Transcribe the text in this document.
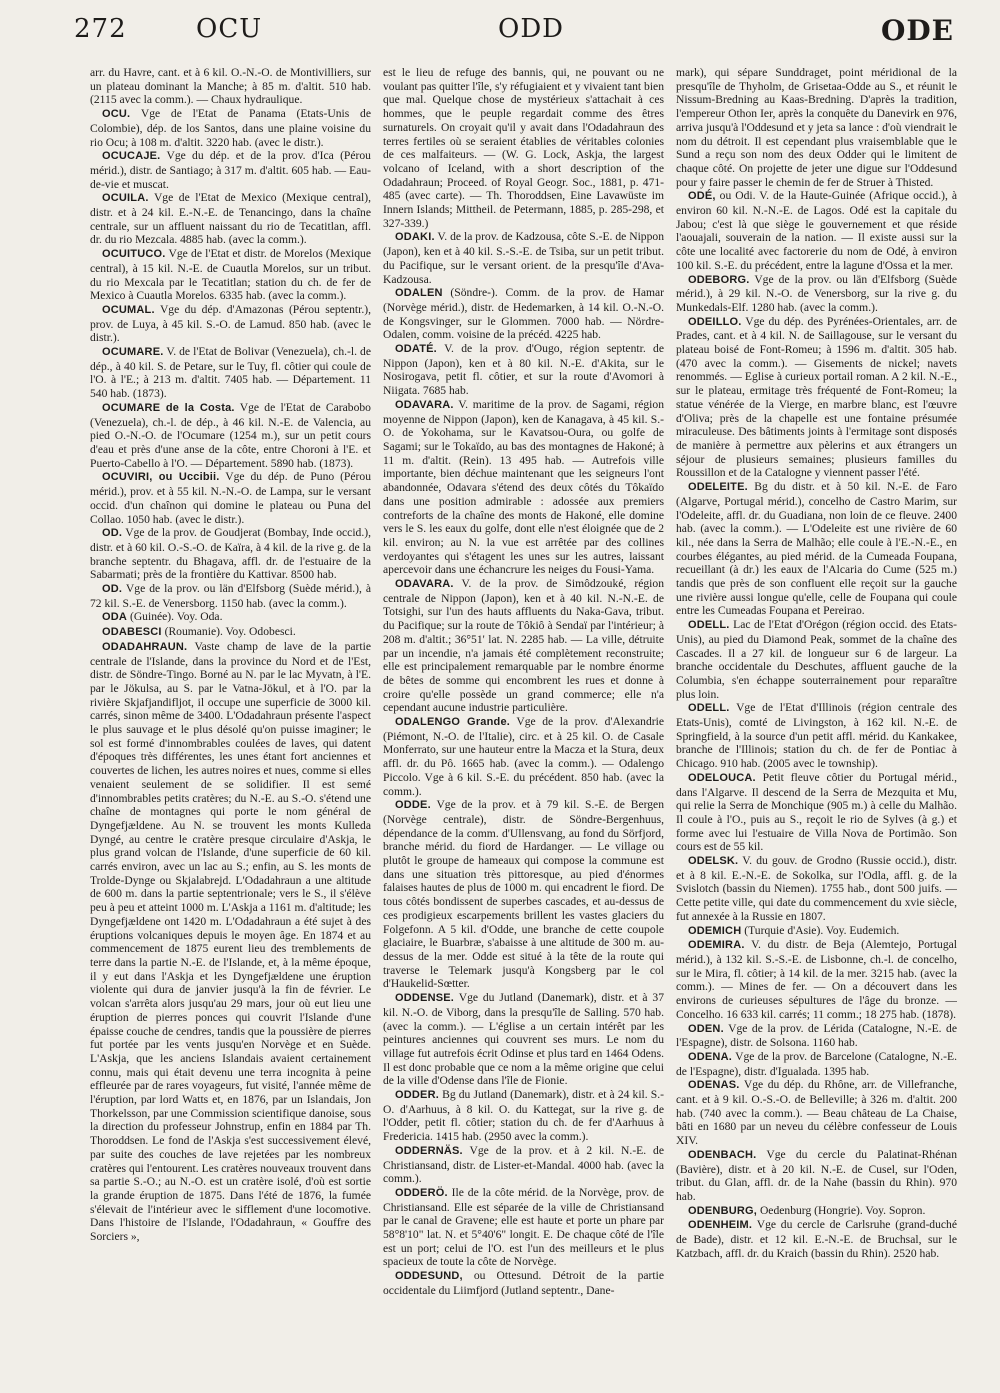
272	OCU	ODD	ODE

arr. du Havre, cant. et à 6 kil. O.-N.-O. de Montivilliers, sur un plateau dominant la Manche; à 85 m. d'altit. 510 hab. (2115 avec la comm.). — Chaux hydraulique.

OCU. Vge de l'Etat de Panama (Etats-Unis de Colombie), dép. de los Santos, dans une plaine voisine du rio Ocu; à 108 m. d'altit. 3220 hab. (avec le distr.).

OCUCAJE. Vge du dép. et de la prov. d'Ica (Pérou mérid.), distr. de Santiago; à 317 m. d'altit. 605 hab. — Eau-de-vie et muscat.

OCUILA. Vge de l'Etat de Mexico (Mexique central), distr. et à 24 kil. E.-N.-E. de Tenancingo, dans la chaîne centrale, sur un affluent naissant du rio de Tecatitlan, affl. dr. du rio Mezcala. 4885 hab. (avec la comm.).

OCUITUCO. Vge de l'Etat et distr. de Morelos (Mexique central), à 15 kil. N.-E. de Cuautla Morelos, sur un tribut. du rio Mexcala par le Tecatitlan; station du ch. de fer de Mexico à Cuautla Morelos. 6335 hab. (avec la comm.).

OCUMAL. Vge du dép. d'Amazonas (Pérou septentr.), prov. de Luya, à 45 kil. S.-O. de Lamud. 850 hab. (avec le distr.).

OCUMARE. V. de l'Etat de Bolivar (Venezuela), ch.-l. de dép., à 40 kil. S. de Petare, sur le Tuy, fl. côtier qui coule de l'O. à l'E.; à 213 m. d'altit. 7405 hab. — Département. 11 540 hab. (1873).

OCUMARE de la Costa. Vge de l'Etat de Carabobo (Venezuela), ch.-l. de dép., à 46 kil. N.-E. de Valencia, au pied O.-N.-O. de l'Ocumare (1254 m.), sur un petit cours d'eau et près d'une anse de la côte, entre Choroni à l'E. et Puerto-Cabello à l'O. — Département. 5890 hab. (1873).

OCUVIRI, ou Uccibii. Vge du dép. de Puno (Pérou mérid.), prov. et à 55 kil. N.-N.-O. de Lampa, sur le versant occid. d'un chaînon qui domine le plateau ou Puna del Collao. 1050 hab. (avec le distr.).

OD. Vge de la prov. de Goudjerat (Bombay, Inde occid.), distr. et à 60 kil. O.-S.-O. de Kaïra, à 4 kil. de la rive g. de la branche septentr. du Bhagava, affl. dr. de l'estuaire de la Sabarmati; près de la frontière du Kattivar. 8500 hab.

OD. Vge de la prov. ou län d'Elfsborg (Suède mérid.), à 72 kil. S.-E. de Venersborg. 1150 hab. (avec la comm.).

ODA (Guinée). Voy. Oda.

ODABESCI (Roumanie). Voy. Odobesci.

ODADAHRAUN. Vaste champ de lave de la partie centrale de l'Islande, dans la province du Nord et de l'Est, distr. de Söndre-Tingo. Borné au N. par le lac Myvatn, à l'E. par le Jökulsa, au S. par le Vatna-Jökul, et à l'O. par la rivière Skjafjandifljot, il occupe une superficie de 3000 kil. carrés, sinon même de 3400. L'Odadahraun présente l'aspect le plus sauvage et le plus désolé qu'on puisse imaginer; le sol est formé d'innombrables coulées de laves, qui datent d'époques très différentes, les unes étant fort anciennes et couvertes de lichen, les autres noires et nues, comme si elles venaient seulement de se solidifier. Il est semé d'innombrables petits cratères; du N.-E. au S.-O. s'étend une chaîne de montagnes qui porte le nom général de Dyngefjældene. Au N. se trouvent les monts Kulleda Dyngé, au centre le cratère presque circulaire d'Askja, le plus grand volcan de l'Islande, d'une superficie de 60 kil. carrés environ, avec un lac au S.; enfin, au S. les monts de Trolde-Dynge ou Skjalabrejd. L'Odadahraun a une altitude de 600 m. dans la partie septentrionale; vers le S., il s'élève peu à peu et atteint 1000 m. L'Askja a 1161 m. d'altitude; les Dyngefjældene ont 1420 m. L'Odadahraun a été sujet à des éruptions volcaniques depuis le moyen âge. En 1874 et au commencement de 1875 eurent lieu des tremblements de terre dans la partie N.-E. de l'Islande, et, à la même époque, il y eut dans l'Askja et les Dyngefjældene une éruption violente qui dura de janvier jusqu'à la fin de février. Le volcan s'arrêta alors jusqu'au 29 mars, jour où eut lieu une éruption de pierres ponces qui couvrit l'Islande d'une épaisse couche de cendres, tandis que la poussière de pierres fut portée par les vents jusqu'en Norvège et en Suède. L'Askja, que les anciens Islandais avaient certainement connu, mais qui était devenu une terra incognita à peine effleurée par de rares voyageurs, fut visité, l'année même de l'éruption, par lord Watts et, en 1876, par un Islandais, Jon Thorkelsson, par une Commission scientifique danoise, sous la direction du professeur Johnstrup, enfin en 1884 par Th. Thoroddsen. Le fond de l'Askja s'est successivement élevé, par suite des couches de lave rejetées par les nombreux cratères qui l'entourent. Les cratères nouveaux trouvent dans sa partie S.-O.; au N.-O. est un cratère isolé, d'où est sortie la grande éruption de 1875. Dans l'été de 1876, la fumée s'élevait de l'intérieur avec le sifflement d'une locomotive. Dans l'histoire de l'Islande, l'Odadahraun, « Gouffre des Sorciers »,

est le lieu de refuge des bannis, qui, ne pouvant ou ne voulant pas quitter l'île, s'y réfugiaient et y vivaient tant bien que mal. Quelque chose de mystérieux s'attachait à ces hommes, que le peuple regardait comme des êtres surnaturels. On croyait qu'il y avait dans l'Odadahraun des terres fertiles où se seraient établies de véritables colonies de ces malfaiteurs. — (W. G. Lock, Askja, the largest volcano of Iceland, with a short description of the Odadahraun; Proceed. of Royal Geogr. Soc., 1881, p. 471-485 (avec carte). — Th. Thoroddsen, Eine Lavawüste im Innern Islands; Mittheil. de Petermann, 1885, p. 285-298, et 327-339.)

ODAKI. V. de la prov. de Kadzousa, côte S.-E. de Nippon (Japon), ken et à 40 kil. S.-S.-E. de Tsiba, sur un petit tribut. du Pacifique, sur le versant orient. de la presqu'île d'Ava-Kadzousa.

ODALEN (Söndre-). Comm. de la prov. de Hamar (Norvège mérid.), distr. de Hedemarken, à 14 kil. O.-N.-O. de Kongsvinger, sur le Glommen. 7000 hab. — Nördre-Odalen, comm. voisine de la précéd. 4225 hab.

ODATÉ. V. de la prov. d'Ougo, région septentr. de Nippon (Japon), ken et à 80 kil. N.-E. d'Akita, sur le Nosirogava, petit fl. côtier, et sur la route d'Avomori à Niigata. 7685 hab.

ODAVARA. V. maritime de la prov. de Sagami, région moyenne de Nippon (Japon), ken de Kanagava, à 45 kil. S.-O. de Yokohama, sur le Kavatsou-Oura, ou golfe de Sagami; sur le Tokaïdo, au bas des montagnes de Hakoné; à 11 m. d'altit. (Rein). 13 495 hab. — Autrefois ville importante, bien déchue maintenant que les seigneurs l'ont abandonnée, Odavara s'étend des deux côtés du Tôkaïdo dans une position admirable : adossée aux premiers contreforts de la chaîne des monts de Hakoné, elle domine vers le S. les eaux du golfe, dont elle n'est éloignée que de 2 kil. environ; au N. la vue est arrêtée par des collines verdoyantes qui s'étagent les unes sur les autres, laissant apercevoir dans une échancrure les neiges du Fousi-Yama.

ODAVARA. V. de la prov. de Simôdzouké, région centrale de Nippon (Japon), ken et à 40 kil. N.-N.-E. de Totsighi, sur l'un des hauts affluents du Naka-Gava, tribut. du Pacifique; sur la route de Tôkiô à Sendaï par l'intérieur; à 208 m. d'altit.; 36°51' lat. N. 2285 hab. — La ville, détruite par un incendie, n'a jamais été complètement reconstruite; elle est principalement remarquable par le nombre énorme de bêtes de somme qui encombrent les rues et donne à croire qu'elle possède un grand commerce; elle n'a cependant aucune industrie particulière.

ODALENGO Grande. Vge de la prov. d'Alexandrie (Piémont, N.-O. de l'Italie), circ. et à 25 kil. O. de Casale Monferrato, sur une hauteur entre la Macza et la Stura, deux affl. dr. du Pô. 1665 hab. (avec la comm.). — Odalengo Piccolo. Vge à 6 kil. S.-E. du précédent. 850 hab. (avec la comm.).

ODDE. Vge de la prov. et à 79 kil. S.-E. de Bergen (Norvège centrale), distr. de Söndre-Bergenhuus, dépendance de la comm. d'Ullensvang, au fond du Sörfjord, branche mérid. du fiord de Hardanger. — Le village ou plutôt le groupe de hameaux qui compose la commune est dans une situation très pittoresque, au pied d'énormes falaises hautes de plus de 1000 m. qui encadrent le fiord. De tous côtés bondissent de superbes cascades, et au-dessus de ces prodigieux escarpements brillent les vastes glaciers du Folgefonn. A 5 kil. d'Odde, une branche de cette coupole glaciaire, le Buarbræ, s'abaisse à une altitude de 300 m. au-dessus de la mer. Odde est situé à la tête de la route qui traverse le Telemark jusqu'à Kongsberg par le col d'Haukelid-Sœtter.

ODDENSE. Vge du Jutland (Danemark), distr. et à 37 kil. N.-O. de Viborg, dans la presqu'île de Salling. 570 hab. (avec la comm.). — L'église a un certain intérêt par les peintures anciennes qui couvrent ses murs. Le nom du village fut autrefois écrit Odinse et plus tard en 1464 Odens. Il est donc probable que ce nom a la même origine que celui de la ville d'Odense dans l'île de Fionie.

ODDER. Bg du Jutland (Danemark), distr. et à 24 kil. S.-O. d'Aarhuus, à 8 kil. O. du Kattegat, sur la rive g. de l'Odder, petit fl. côtier; station du ch. de fer d'Aarhuus à Fredericia. 1415 hab. (2950 avec la comm.).

ODDERNÄS. Vge de la prov. et à 2 kil. N.-E. de Christiansand, distr. de Lister-et-Mandal. 4000 hab. (avec la comm.).

ODDERÖ. Ile de la côte mérid. de la Norvège, prov. de Christiansand. Elle est séparée de la ville de Christiansand par le canal de Gravene; elle est haute et porte un phare par 58°8'10" lat. N. et 5°40'6" longit. E. De chaque côté de l'île est un port; celui de l'O. est l'un des meilleurs et le plus spacieux de toute la côte de Norvège.

ODDESUND, ou Ottesund. Détroit de la partie occidentale du Liimfjord (Jutland septentr., Dane-

mark), qui sépare Sunddraget, point méridional de la presqu'île de Thyholm, de Grisetaa-Odde au S., et réunit le Nissum-Bredning au Kaas-Bredning. D'après la tradition, l'empereur Othon Ier, après la conquête du Danevirk en 976, arriva jusqu'à l'Oddesund et y jeta sa lance : d'où viendrait le nom du détroit. Il est cependant plus vraisemblable que le Sund a reçu son nom des deux Odder qui le limitent de chaque côté. On projette de jeter une digue sur l'Oddesund pour y faire passer le chemin de fer de Struer à Thisted.

ODÉ, ou Odi. V. de la Haute-Guinée (Afrique occid.), à environ 60 kil. N.-N.-E. de Lagos. Odé est la capitale du Jabou; c'est là que siège le gouvernement et que réside l'aouajali, souverain de la nation. — Il existe aussi sur la côte une localité avec factorerie du nom de Odé, à environ 100 kil. S.-E. du précédent, entre la lagune d'Ossa et la mer.

ODEBORG. Vge de la prov. ou län d'Elfsborg (Suède mérid.), à 29 kil. N.-O. de Venersborg, sur la rive g. du Munkedals-Elf. 1280 hab. (avec la comm.).

ODEILLO. Vge du dép. des Pyrénées-Orientales, arr. de Prades, cant. et à 4 kil. N. de Saillagouse, sur le versant du plateau boisé de Font-Romeu; à 1596 m. d'altit. 305 hab. (470 avec la comm.). — Gisements de nickel; navets renommés. — Eglise à curieux portail roman. A 2 kil. N.-E., sur le plateau, ermitage très fréquenté de Font-Romeu; la statue vénérée de la Vierge, en marbre blanc, est l'œuvre d'Oliva; près de la chapelle est une fontaine présumée miraculeuse. Des bâtiments joints à l'ermitage sont disposés de manière à permettre aux pèlerins et aux étrangers un séjour de plusieurs semaines; plusieurs familles du Roussillon et de la Catalogne y viennent passer l'été.

ODELEITE. Bg du distr. et à 50 kil. N.-E. de Faro (Algarve, Portugal mérid.), concelho de Castro Marim, sur l'Odeleite, affl. dr. du Guadiana, non loin de ce fleuve. 2400 hab. (avec la comm.). — L'Odeleite est une rivière de 60 kil., née dans la Serra de Malhão; elle coule à l'E.-N.-E., en courbes élégantes, au pied mérid. de la Cumeada Foupana, recueillant (à dr.) les eaux de l'Alcaria do Cume (525 m.) tandis que près de son confluent elle reçoit sur la gauche une rivière aussi longue qu'elle, celle de Foupana qui coule entre les Cumeadas Foupana et Pereirao.

ODELL. Lac de l'Etat d'Orégon (région occid. des Etats-Unis), au pied du Diamond Peak, sommet de la chaîne des Cascades. Il a 27 kil. de longueur sur 6 de largeur. La branche occidentale du Deschutes, affluent gauche de la Columbia, s'en échappe souterrainement pour reparaître plus loin.

ODELL. Vge de l'Etat d'Illinois (région centrale des Etats-Unis), comté de Livingston, à 162 kil. N.-E. de Springfield, à la source d'un petit affl. mérid. du Kankakee, branche de l'Illinois; station du ch. de fer de Pontiac à Chicago. 910 hab. (2005 avec le township).

ODELOUCA. Petit fleuve côtier du Portugal mérid., dans l'Algarve. Il descend de la Serra de Mezquita et Mu, qui relie la Serra de Monchique (905 m.) à celle du Malhão. Il coule à l'O., puis au S., reçoit le rio de Sylves (à g.) et forme avec lui l'estuaire de Villa Nova de Portimão. Son cours est de 55 kil.

ODELSK. V. du gouv. de Grodno (Russie occid.), distr. et à 8 kil. E.-N.-E. de Sokolka, sur l'Odla, affl. g. de la Svislotch (bassin du Niemen). 1755 hab., dont 500 juifs. — Cette petite ville, qui date du commencement du xvie siècle, fut annexée à la Russie en 1807.

ODEMICH (Turquie d'Asie). Voy. Eudemich.

ODEMIRA. V. du distr. de Beja (Alemtejo, Portugal mérid.), à 132 kil. S.-S.-E. de Lisbonne, ch.-l. de concelho, sur le Mira, fl. côtier; à 14 kil. de la mer. 3215 hab. (avec la comm.). — Mines de fer. — On a découvert dans les environs de curieuses sépultures de l'âge du bronze. — Concelho. 16 633 kil. carrés; 11 comm.; 18 275 hab. (1878).

ODEN. Vge de la prov. de Lérida (Catalogne, N.-E. de l'Espagne), distr. de Solsona. 1160 hab.

ODENA. Vge de la prov. de Barcelone (Catalogne, N.-E. de l'Espagne), distr. d'Igualada. 1395 hab.

ODENAS. Vge du dép. du Rhône, arr. de Villefranche, cant. et à 9 kil. O.-S.-O. de Belleville; à 326 m. d'altit. 200 hab. (740 avec la comm.). — Beau château de La Chaise, bâti en 1680 par un neveu du célèbre confesseur de Louis XIV.

ODENBACH. Vge du cercle du Palatinat-Rhénan (Bavière), distr. et à 20 kil. N.-E. de Cusel, sur l'Oden, tribut. du Glan, affl. dr. de la Nahe (bassin du Rhin). 970 hab.

ODENBURG, Oedenburg (Hongrie). Voy. Sopron.

ODENHEIM. Vge du cercle de Carlsruhe (grand-duché de Bade), distr. et 12 kil. E.-N.-E. de Bruchsal, sur le Katzbach, affl. dr. du Kraich (bassin du Rhin). 2520 hab.
